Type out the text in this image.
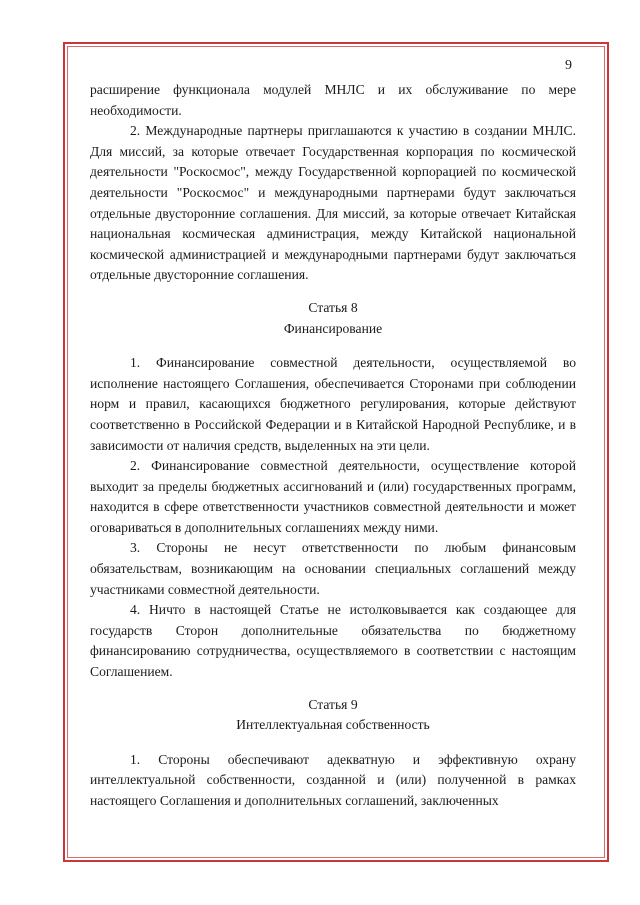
9

расширение функционала модулей МНЛС и их обслуживание по мере необходимости.

2. Международные партнеры приглашаются к участию в создании МНЛС. Для миссий, за которые отвечает Государственная корпорация по космической деятельности "Роскосмос", между Государственной корпорацией по космической деятельности "Роскосмос" и международными партнерами будут заключаться отдельные двусторонние соглашения. Для миссий, за которые отвечает Китайская национальная космическая администрация, между Китайской национальной космической администрацией и международными партнерами будут заключаться отдельные двусторонние соглашения.

Статья 8
Финансирование

1. Финансирование совместной деятельности, осуществляемой во исполнение настоящего Соглашения, обеспечивается Сторонами при соблюдении норм и правил, касающихся бюджетного регулирования, которые действуют соответственно в Российской Федерации и в Китайской Народной Республике, и в зависимости от наличия средств, выделенных на эти цели.

2. Финансирование совместной деятельности, осуществление которой выходит за пределы бюджетных ассигнований и (или) государственных программ, находится в сфере ответственности участников совместной деятельности и может оговариваться в дополнительных соглашениях между ними.

3. Стороны не несут ответственности по любым финансовым обязательствам, возникающим на основании специальных соглашений между участниками совместной деятельности.

4. Ничто в настоящей Статье не истолковывается как создающее для государств Сторон дополнительные обязательства по бюджетному финансированию сотрудничества, осуществляемого в соответствии с настоящим Соглашением.

Статья 9
Интеллектуальная собственность

1. Стороны обеспечивают адекватную и эффективную охрану интеллектуальной собственности, созданной и (или) полученной в рамках настоящего Соглашения и дополнительных соглашений, заключенных
